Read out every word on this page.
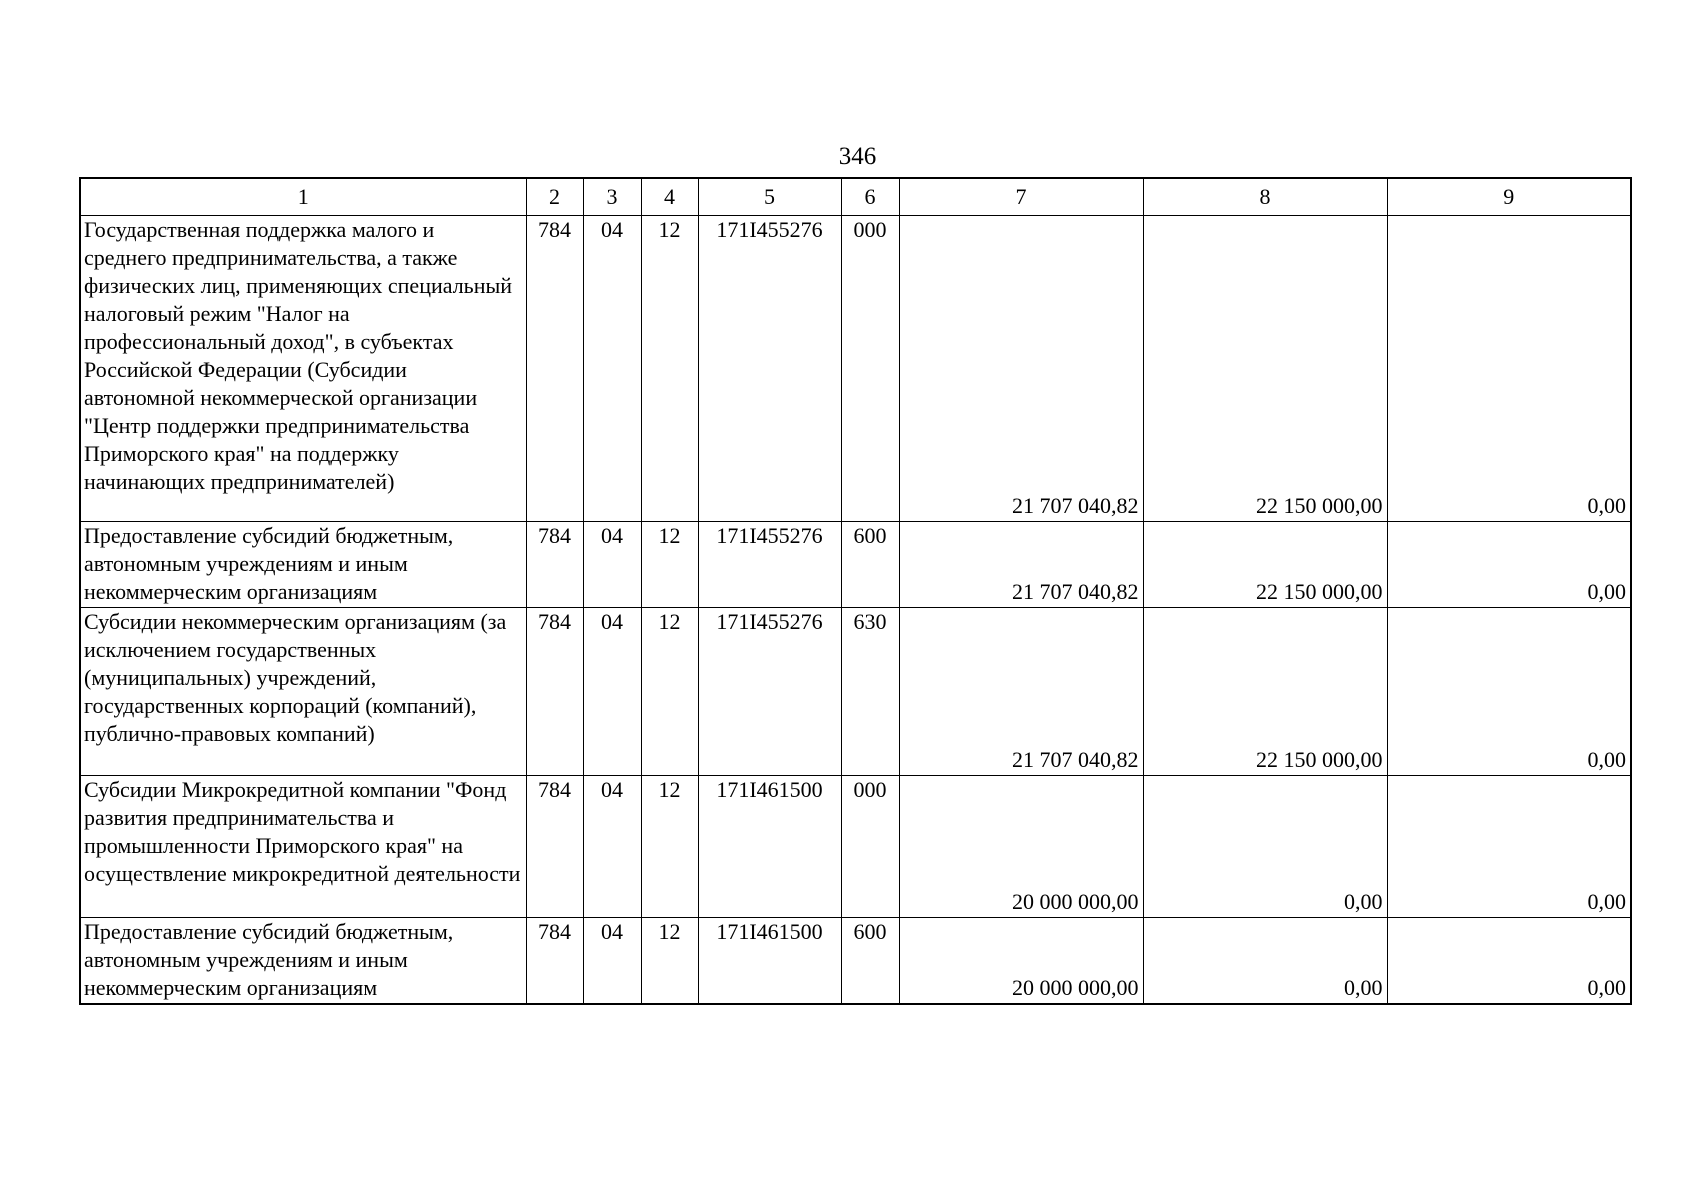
346
1	2	3	4	5	6	7	8	9
Государственная поддержка малого и среднего предпринимательства, а также физических лиц, применяющих специальный налоговый режим "Налог на профессиональный доход", в субъектах Российской Федерации (Субсидии автономной некоммерческой организации "Центр поддержки предпринимательства Приморского края" на поддержку начинающих предпринимателей)	784	04	12	171I455276	000	21 707 040,82	22 150 000,00	0,00
Предоставление субсидий бюджетным, автономным учреждениям и иным некоммерческим организациям	784	04	12	171I455276	600	21 707 040,82	22 150 000,00	0,00
Субсидии некоммерческим организациям (за исключением государственных (муниципальных) учреждений, государственных корпораций (компаний), публично-правовых компаний)	784	04	12	171I455276	630	21 707 040,82	22 150 000,00	0,00
Субсидии Микрокредитной компании "Фонд развития предпринимательства и промышленности Приморского края" на осуществление микрокредитной деятельности	784	04	12	171I461500	000	20 000 000,00	0,00	0,00
Предоставление субсидий бюджетным, автономным учреждениям и иным некоммерческим организациям	784	04	12	171I461500	600	20 000 000,00	0,00	0,00
